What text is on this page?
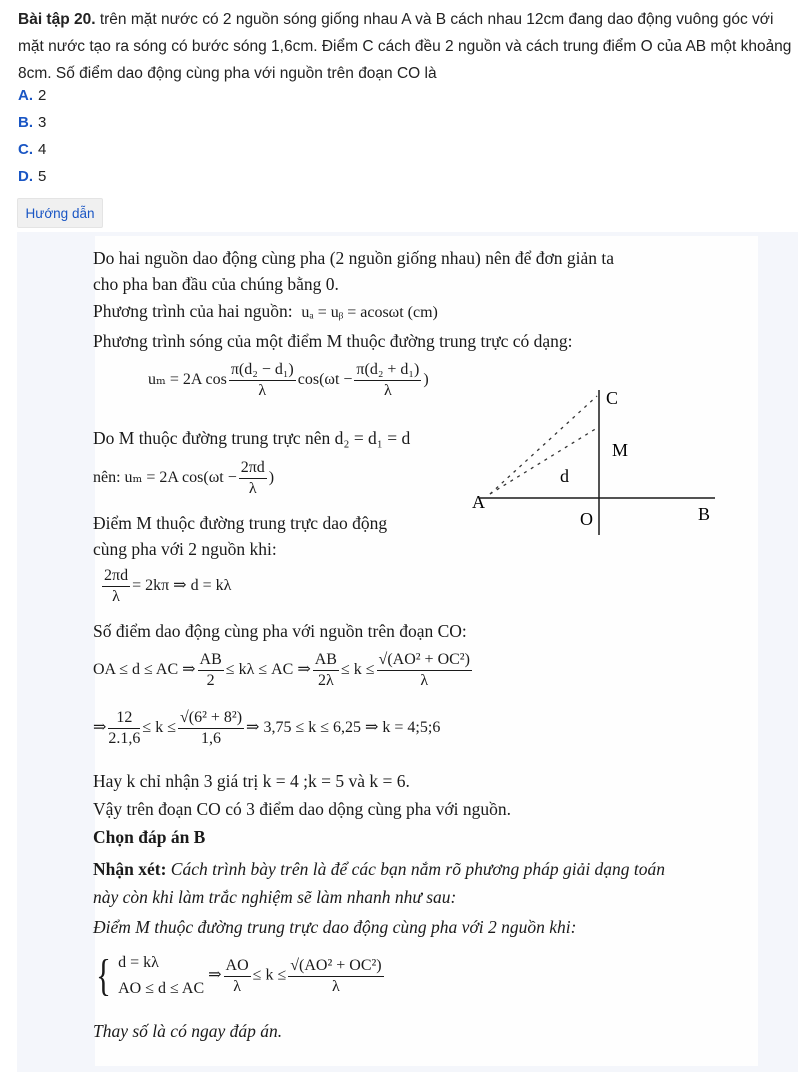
Bài tập 20. trên mặt nước có 2 nguồn sóng giống nhau A và B cách nhau 12cm đang dao động vuông góc với mặt nước tạo ra sóng có bước sóng 1,6cm. Điểm C cách đều 2 nguồn và cách trung điểm O của AB một khoảng 8cm. Số điểm dao động cùng pha với nguồn trên đoạn CO là
A. 2
B. 3
C. 4
D. 5
Hướng dẫn
Do hai nguồn dao động cùng pha (2 nguồn giống nhau) nên để đơn giản ta
cho pha ban đầu của chúng bằng 0.
Phương trình của hai nguồn: uₐ = uᵦ = acosωt (cm)
Phương trình sóng của một điểm M thuộc đường trung trực có dạng:
uₘ = 2A $\cos \frac{\text{π(d₂ − d₁)}}{\lambda} \cos(\omega t - \frac{\text{π(d₂ + d₁)}}{\lambda}$ )
Do M thuộc đường trung trực nên d₂ = d₁ = d
nên: uₘ = 2A $\cos(\omega t - \frac{2\pi d}{\lambda}$ )
Điểm M thuộc đường trung trực dao động
cùng pha với 2 nguồn khi:
$\frac{2\pi d}{\lambda} = 2k\pi$ ⇒ d = kλ
Số điểm dao động cùng pha với nguồn trên đoạn CO:
OA ≤ d ≤ AC ⇒ $\frac{AB}{2} \le k\lambda$ ≤ AC ⇒ $\frac{AB}{2\lambda} \le k \le \frac{\text{√(AO² + OC²)}}{\lambda}$
⇒ $\frac{12}{2.1,6} \le k \le \frac{\text{√(6² + 8²)}}{1,6}$ ⇒ 3,75 ≤ k ≤ 6,25 ⇒ k = 4;5;6
Hay k chỉ nhận 3 giá trị k = 4 ;k = 5 và k = 6.
Vậy trên đoạn CO có 3 điểm dao dộng cùng pha với nguồn.
Chọn đáp án B
Nhận xét: Cách trình bày trên là để các bạn nắm rõ phương pháp giải dạng toán
này còn khi làm trắc nghiệm sẽ làm nhanh như sau:
Điểm M thuộc đường trung trực dao động cùng pha với 2 nguồn khi:
{ d = kλ
AO ≤ d ≤ AC
⇒ $\frac{AO}{\lambda} \le k \le \frac{\text{√(AO² + OC²)}}{\lambda}$
Thay số là có ngay đáp án.
C
M
d
A
O	B
